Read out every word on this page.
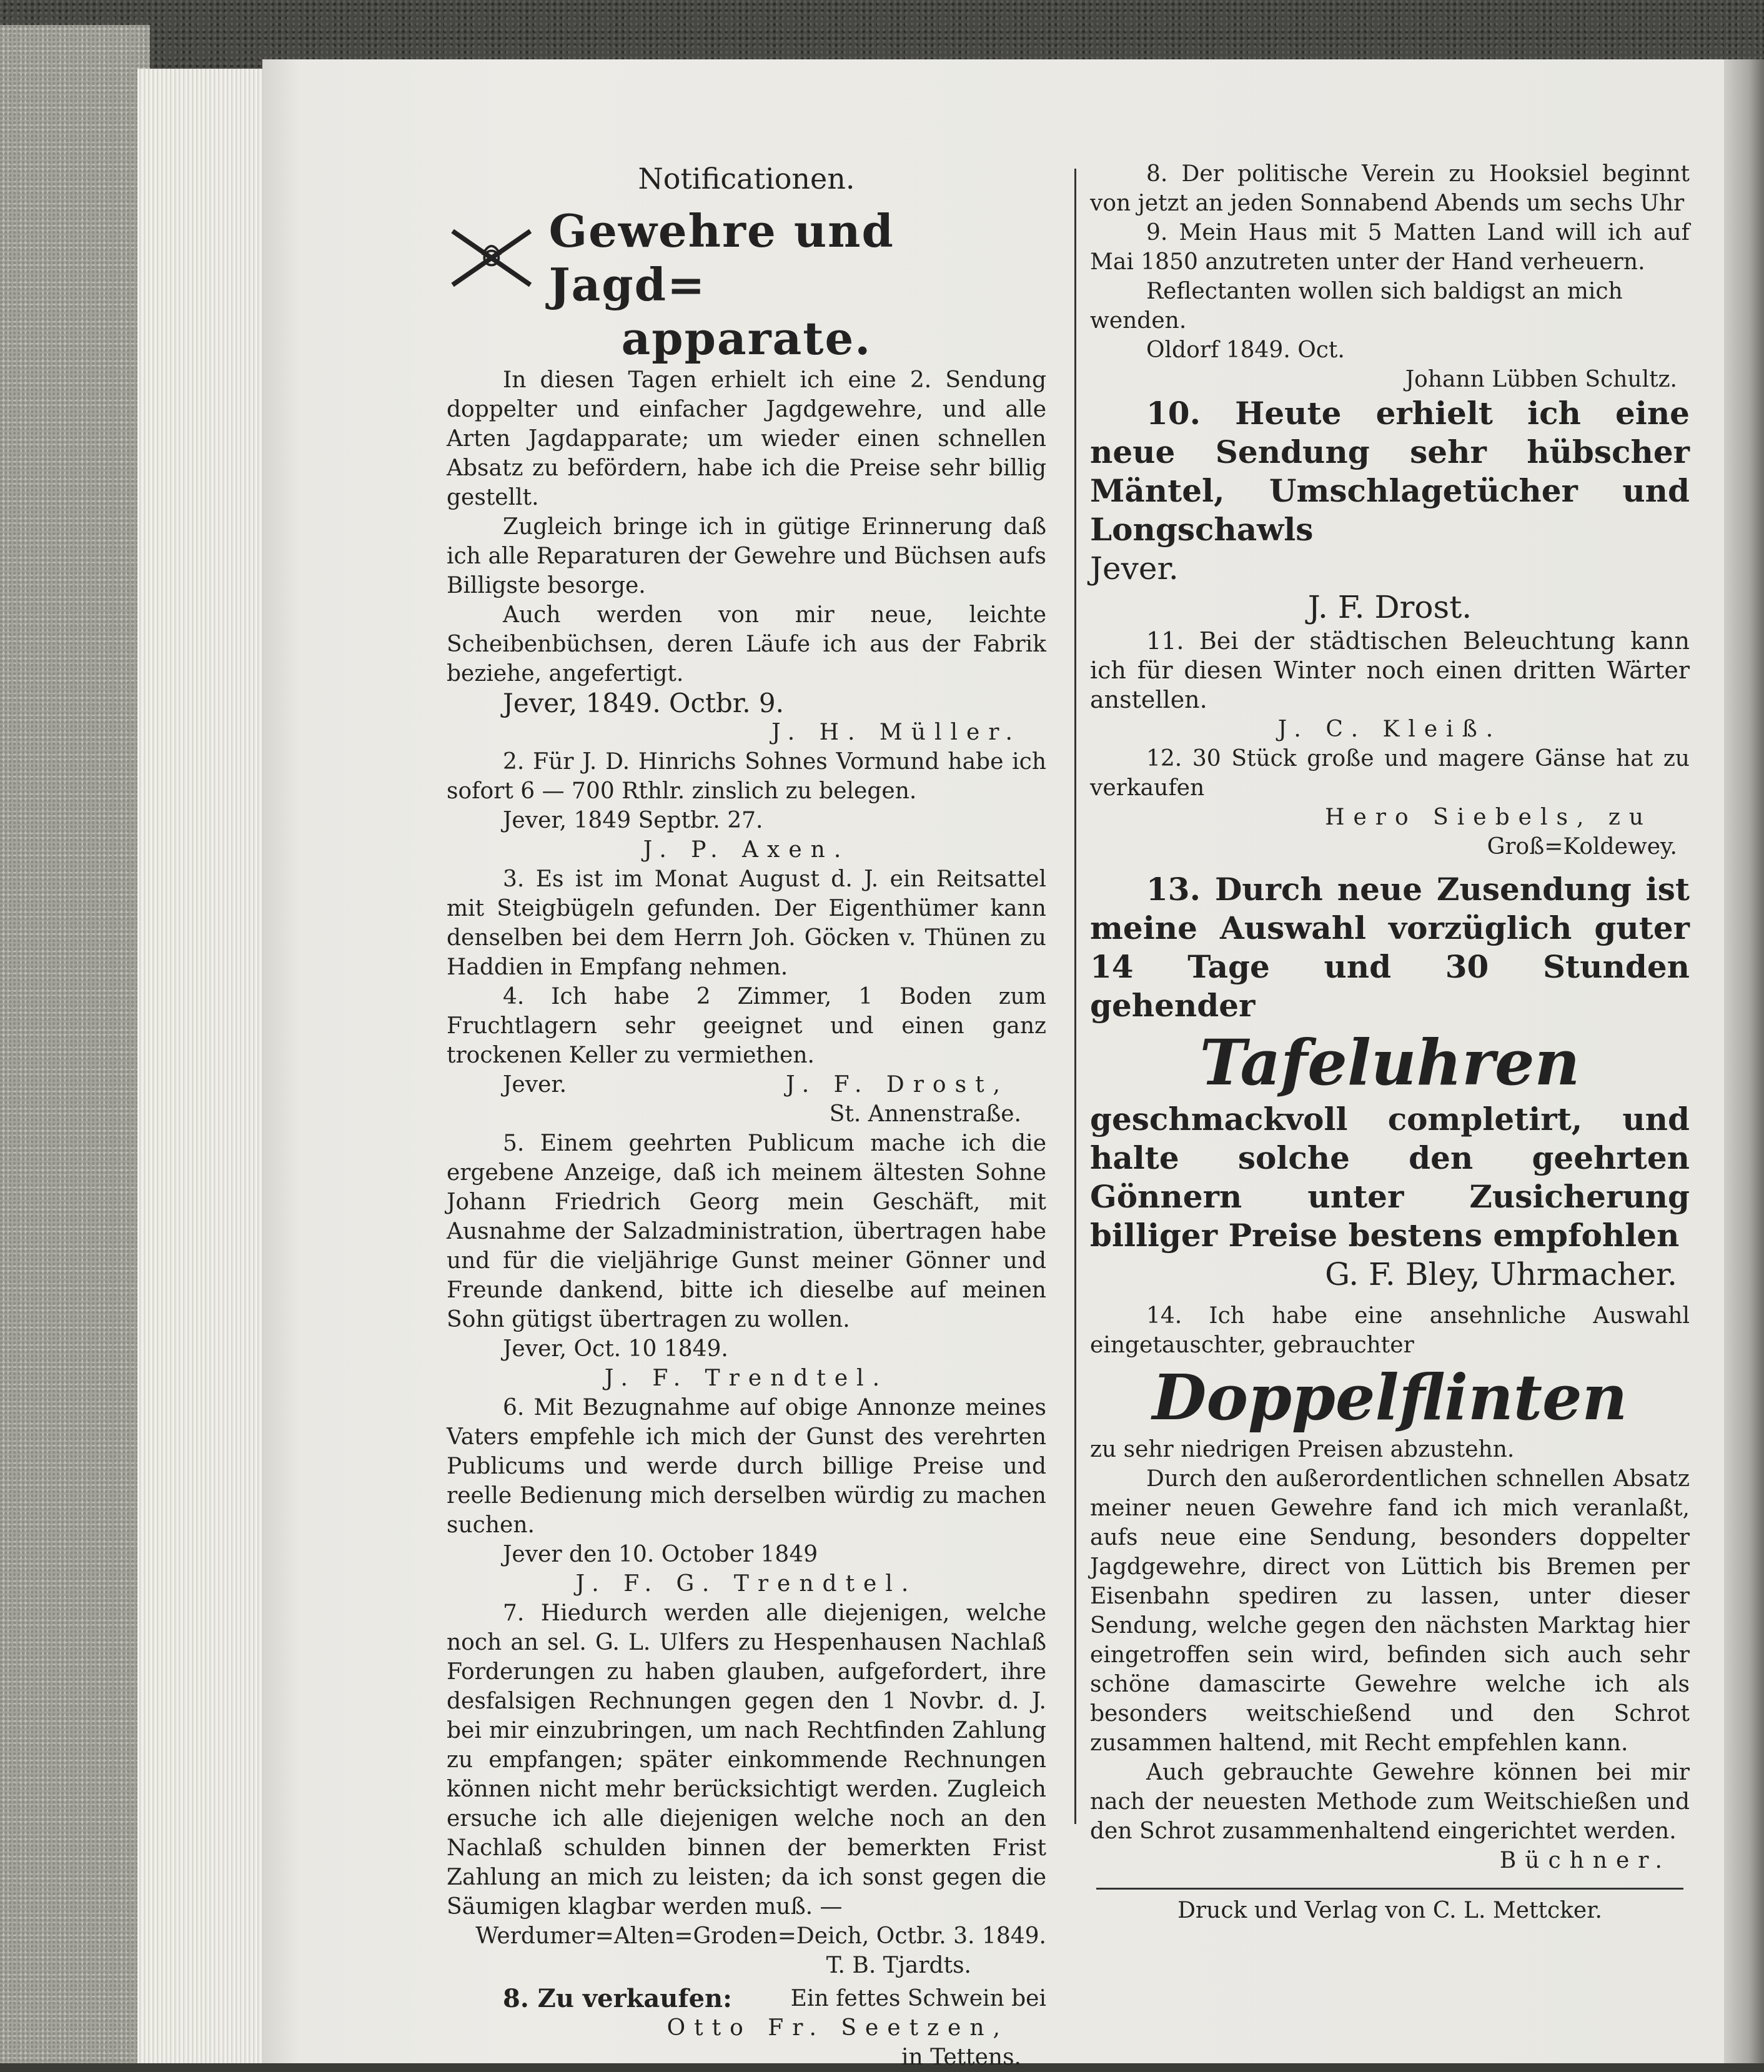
Notificationen.
Gewehre und Jagd=
apparate.

In diesen Tagen erhielt ich eine 2. Sendung doppelter und einfacher Jagdgewehre, und alle Arten Jagdapparate; um wieder einen schnellen Absatz zu befördern, habe ich die Preise sehr billig gestellt.

Zugleich bringe ich in gütige Erinnerung daß ich alle Reparaturen der Gewehre und Büchsen aufs Billigste besorge.

Auch werden von mir neue, leichte Scheibenbüchsen, deren Läufe ich aus der Fabrik beziehe, angefertigt.

Jever, 1849. Octbr. 9.

J. H. Müller.

2. Für J. D. Hinrichs Sohnes Vormund habe ich sofort 6 — 700 Rthlr. zinslich zu belegen.

Jever, 1849 Septbr. 27.

J. P. Axen.

3. Es ist im Monat August d. J. ein Reitsattel mit Steigbügeln gefunden. Der Eigenthümer kann denselben bei dem Herrn Joh. Göcken v. Thünen zu Haddien in Empfang nehmen.

4. Ich habe 2 Zimmer, 1 Boden zum Fruchtlagern sehr geeignet und einen ganz trockenen Keller zu vermiethen.

Jever.	J. F. Drost,

St. Annenstraße.

5. Einem geehrten Publicum mache ich die ergebene Anzeige, daß ich meinem ältesten Sohne Johann Friedrich Georg mein Geschäft, mit Ausnahme der Salzadministration, übertragen habe und für die vieljährige Gunst meiner Gönner und Freunde dankend, bitte ich dieselbe auf meinen Sohn gütigst übertragen zu wollen.

Jever, Oct. 10 1849.

J. F. Trendtel.

6. Mit Bezugnahme auf obige Annonze meines Vaters empfehle ich mich der Gunst des verehrten Publicums und werde durch billige Preise und reelle Bedienung mich derselben würdig zu machen suchen.

Jever den 10. October 1849

J. F. G. Trendtel.

7. Hiedurch werden alle diejenigen, welche noch an sel. G. L. Ulfers zu Hespenhausen Nachlaß Forderungen zu haben glauben, aufgefordert, ihre desfalsigen Rechnungen gegen den 1 Novbr. d. J. bei mir einzubringen, um nach Rechtfinden Zahlung zu empfangen; später einkommende Rechnungen können nicht mehr berücksichtigt werden. Zugleich ersuche ich alle diejenigen welche noch an den Nachlaß schulden binnen der bemerkten Frist Zahlung an mich zu leisten; da ich sonst gegen die Säumigen klagbar werden muß. —

Werdumer=Alten=Groden=Deich, Octbr. 3. 1849.

T. B. Tjardts.

8. Zu verkaufen:	Ein fettes Schwein bei

Otto Fr. Seetzen,

in Tettens.

8. Der politische Verein zu Hooksiel beginnt von jetzt an jeden Sonnabend Abends um sechs Uhr

9. Mein Haus mit 5 Matten Land will ich auf Mai 1850 anzutreten unter der Hand verheuern.

Reflectanten wollen sich baldigst an mich wenden.

Oldorf 1849. Oct.

Johann Lübben Schultz.

10. Heute erhielt ich eine neue Sendung sehr hübscher Mäntel, Umschlagetücher und Longschawls

Jever.

J. F. Drost.

11. Bei der städtischen Beleuchtung kann ich für diesen Winter noch einen dritten Wärter anstellen.

J. C. Kleiß.

12. 30 Stück große und magere Gänse hat zu verkaufen

Hero Siebels, zu

Groß=Koldewey.

13. Durch neue Zusendung ist meine Auswahl vorzüglich guter 14 Tage und 30 Stunden gehender

Tafeluhren

geschmackvoll completirt, und halte solche den geehrten Gönnern unter Zusicherung billiger Preise bestens empfohlen

G. F. Bley, Uhrmacher.

14. Ich habe eine ansehnliche Auswahl eingetauschter, gebrauchter

Doppelflinten

zu sehr niedrigen Preisen abzustehn.

Durch den außerordentlichen schnellen Absatz meiner neuen Gewehre fand ich mich veranlaßt, aufs neue eine Sendung, besonders doppelter Jagdgewehre, direct von Lüttich bis Bremen per Eisenbahn spediren zu lassen, unter dieser Sendung, welche gegen den nächsten Marktag hier eingetroffen sein wird, befinden sich auch sehr schöne damascirte Gewehre welche ich als besonders weitschießend und den Schrot zusammen haltend, mit Recht empfehlen kann.

Auch gebrauchte Gewehre können bei mir nach der neuesten Methode zum Weitschießen und den Schrot zusammenhaltend eingerichtet werden.

Büchner.

Druck und Verlag von C. L. Mettcker.
